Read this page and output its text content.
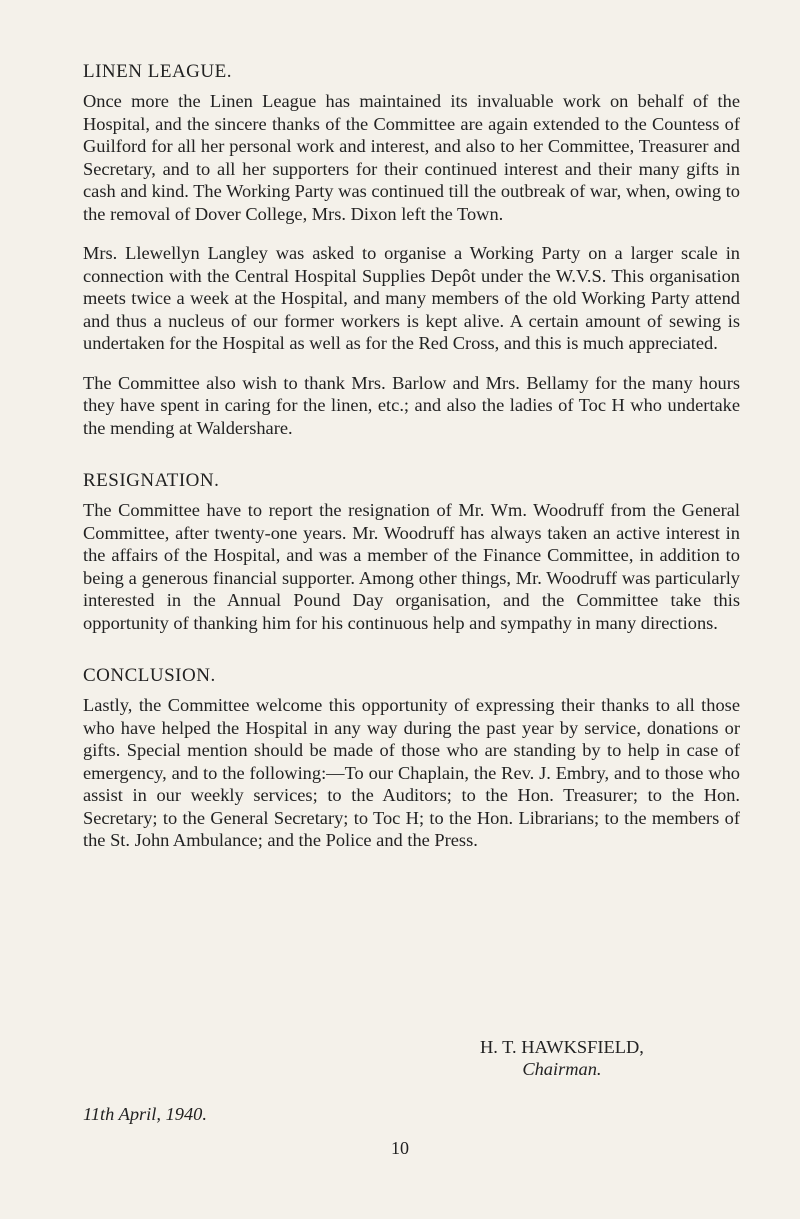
LINEN LEAGUE.

Once more the Linen League has maintained its invaluable work on behalf of the Hospital, and the sincere thanks of the Committee are again extended to the Countess of Guilford for all her personal work and interest, and also to her Committee, Treasurer and Secretary, and to all her supporters for their continued interest and their many gifts in cash and kind. The Working Party was continued till the outbreak of war, when, owing to the removal of Dover College, Mrs. Dixon left the Town.

Mrs. Llewellyn Langley was asked to organise a Working Party on a larger scale in connection with the Central Hospital Supplies Depôt under the W.V.S. This organisation meets twice a week at the Hospital, and many members of the old Working Party attend and thus a nucleus of our former workers is kept alive. A certain amount of sewing is undertaken for the Hospital as well as for the Red Cross, and this is much appreciated.

The Committee also wish to thank Mrs. Barlow and Mrs. Bellamy for the many hours they have spent in caring for the linen, etc.; and also the ladies of Toc H who undertake the mending at Waldershare.

RESIGNATION.

The Committee have to report the resignation of Mr. Wm. Woodruff from the General Committee, after twenty-one years. Mr. Woodruff has always taken an active interest in the affairs of the Hospital, and was a member of the Finance Committee, in addition to being a generous financial supporter. Among other things, Mr. Woodruff was particularly interested in the Annual Pound Day organisation, and the Committee take this opportunity of thanking him for his continuous help and sympathy in many directions.

CONCLUSION.

Lastly, the Committee welcome this opportunity of expressing their thanks to all those who have helped the Hospital in any way during the past year by service, donations or gifts. Special mention should be made of those who are standing by to help in case of emergency, and to the following:—To our Chaplain, the Rev. J. Embry, and to those who assist in our weekly services; to the Auditors; to the Hon. Treasurer; to the Hon. Secretary; to the General Secretary; to Toc H; to the Hon. Librarians; to the members of the St. John Ambulance; and the Police and the Press.

H. T. HAWKSFIELD,
Chairman.
11th April, 1940.
10
